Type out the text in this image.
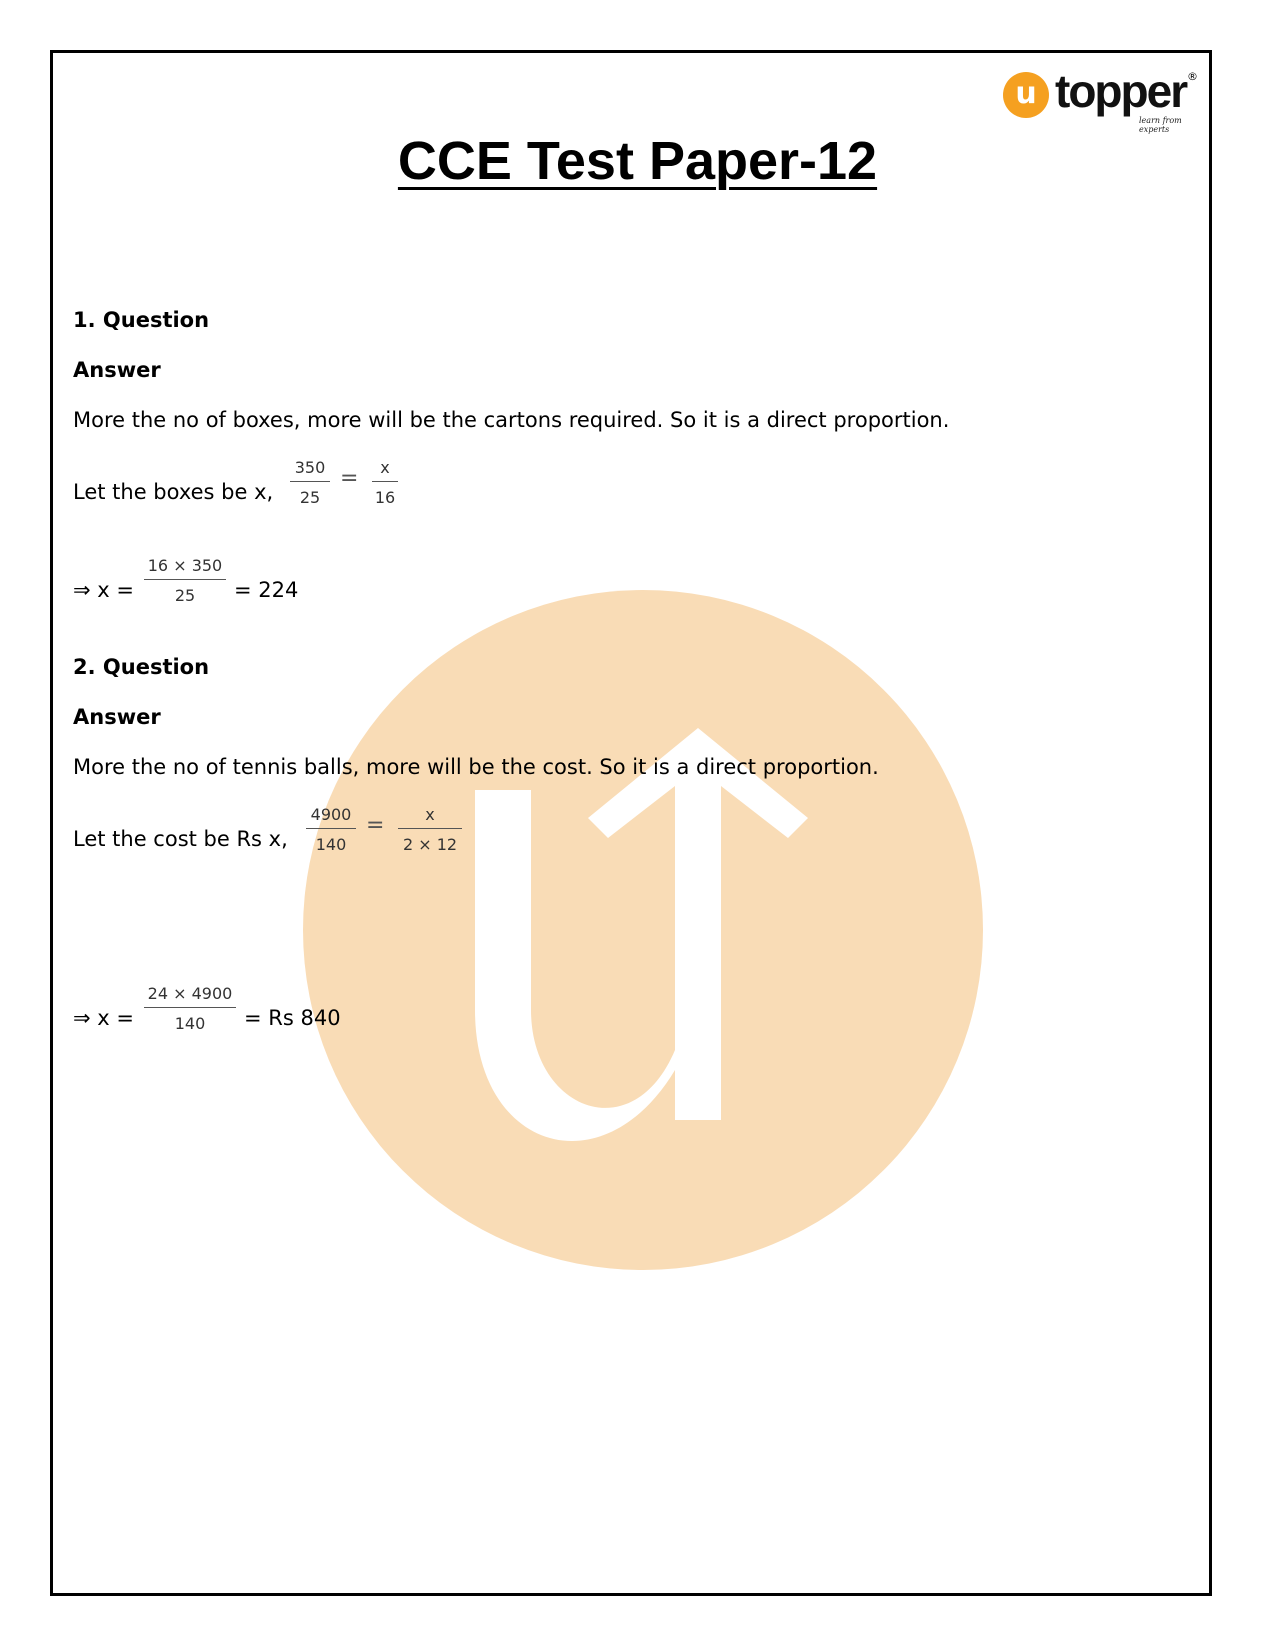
u topper ®
learn from experts
CCE Test Paper-12
1. Question
Answer
More the no of boxes, more will be the cartons required. So it is a direct proportion.
Let the boxes be x, $\frac{350}{25} = \frac{x}{16}$
⇒ $x = \frac{16 \times 350}{25} = 224$
2. Question
Answer
More the no of tennis balls, more will be the cost. So it is a direct proportion.
Let the cost be Rs x, $\frac{4900}{140} = \frac{x}{2 \times 12}$
⇒ $x = \frac{24 \times 4900}{140} = Rs$ 840
